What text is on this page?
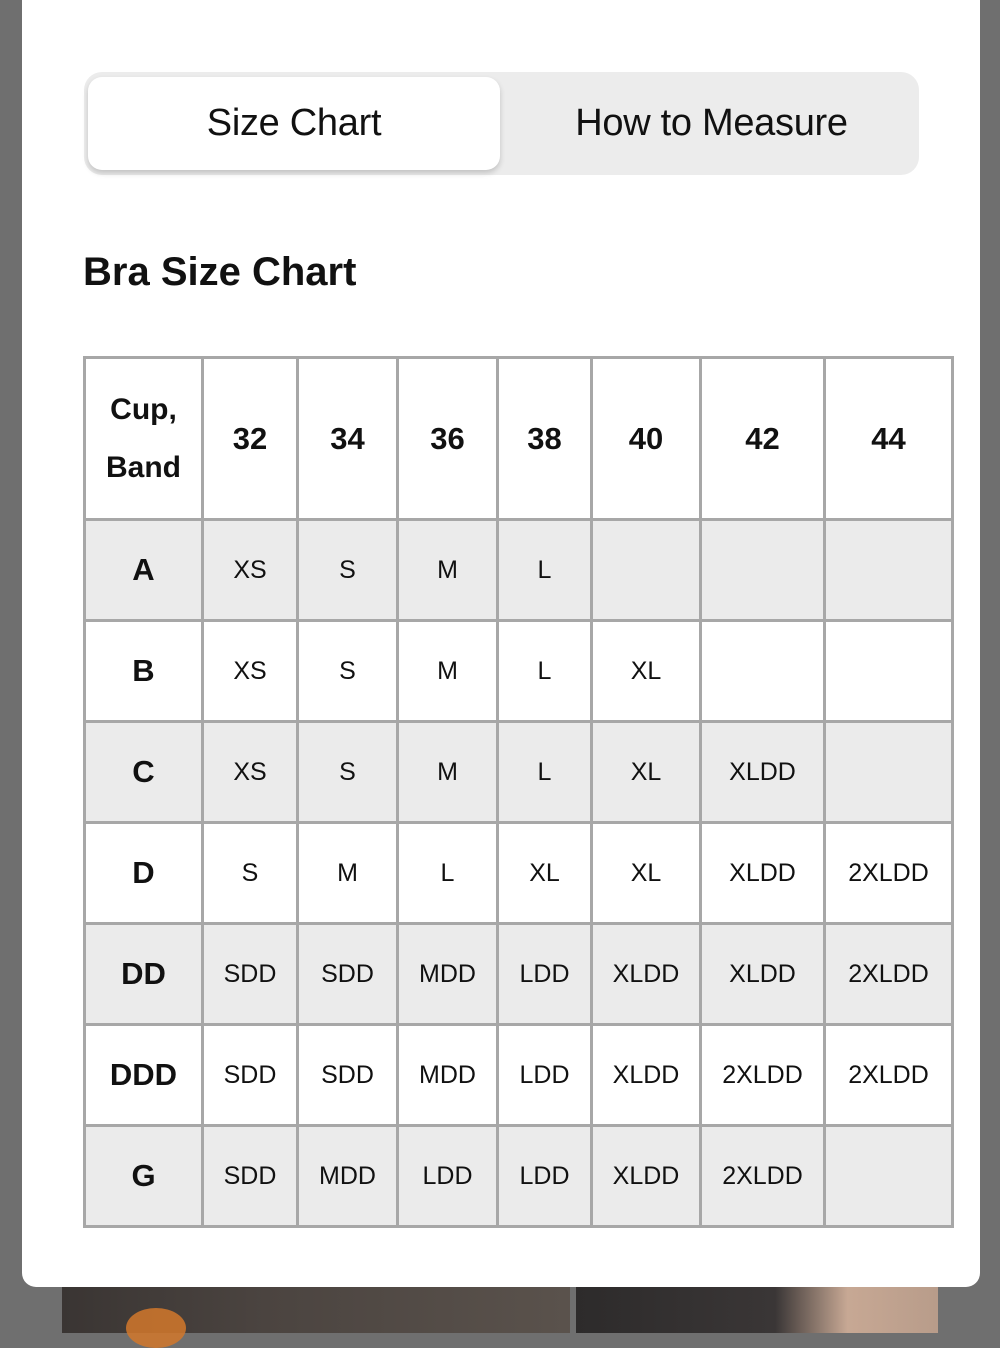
Size Chart	How to Measure
Bra Size Chart
Cup,
Band	32	34	36	38	40	42	44
A	XS	S	M	L			
B	XS	S	M	L	XL		
C	XS	S	M	L	XL	XLDD	
D	S	M	L	XL	XL	XLDD	2XLDD
DD	SDD	SDD	MDD	LDD	XLDD	XLDD	2XLDD
DDD	SDD	SDD	MDD	LDD	XLDD	2XLDD	2XLDD
G	SDD	MDD	LDD	LDD	XLDD	2XLDD	
